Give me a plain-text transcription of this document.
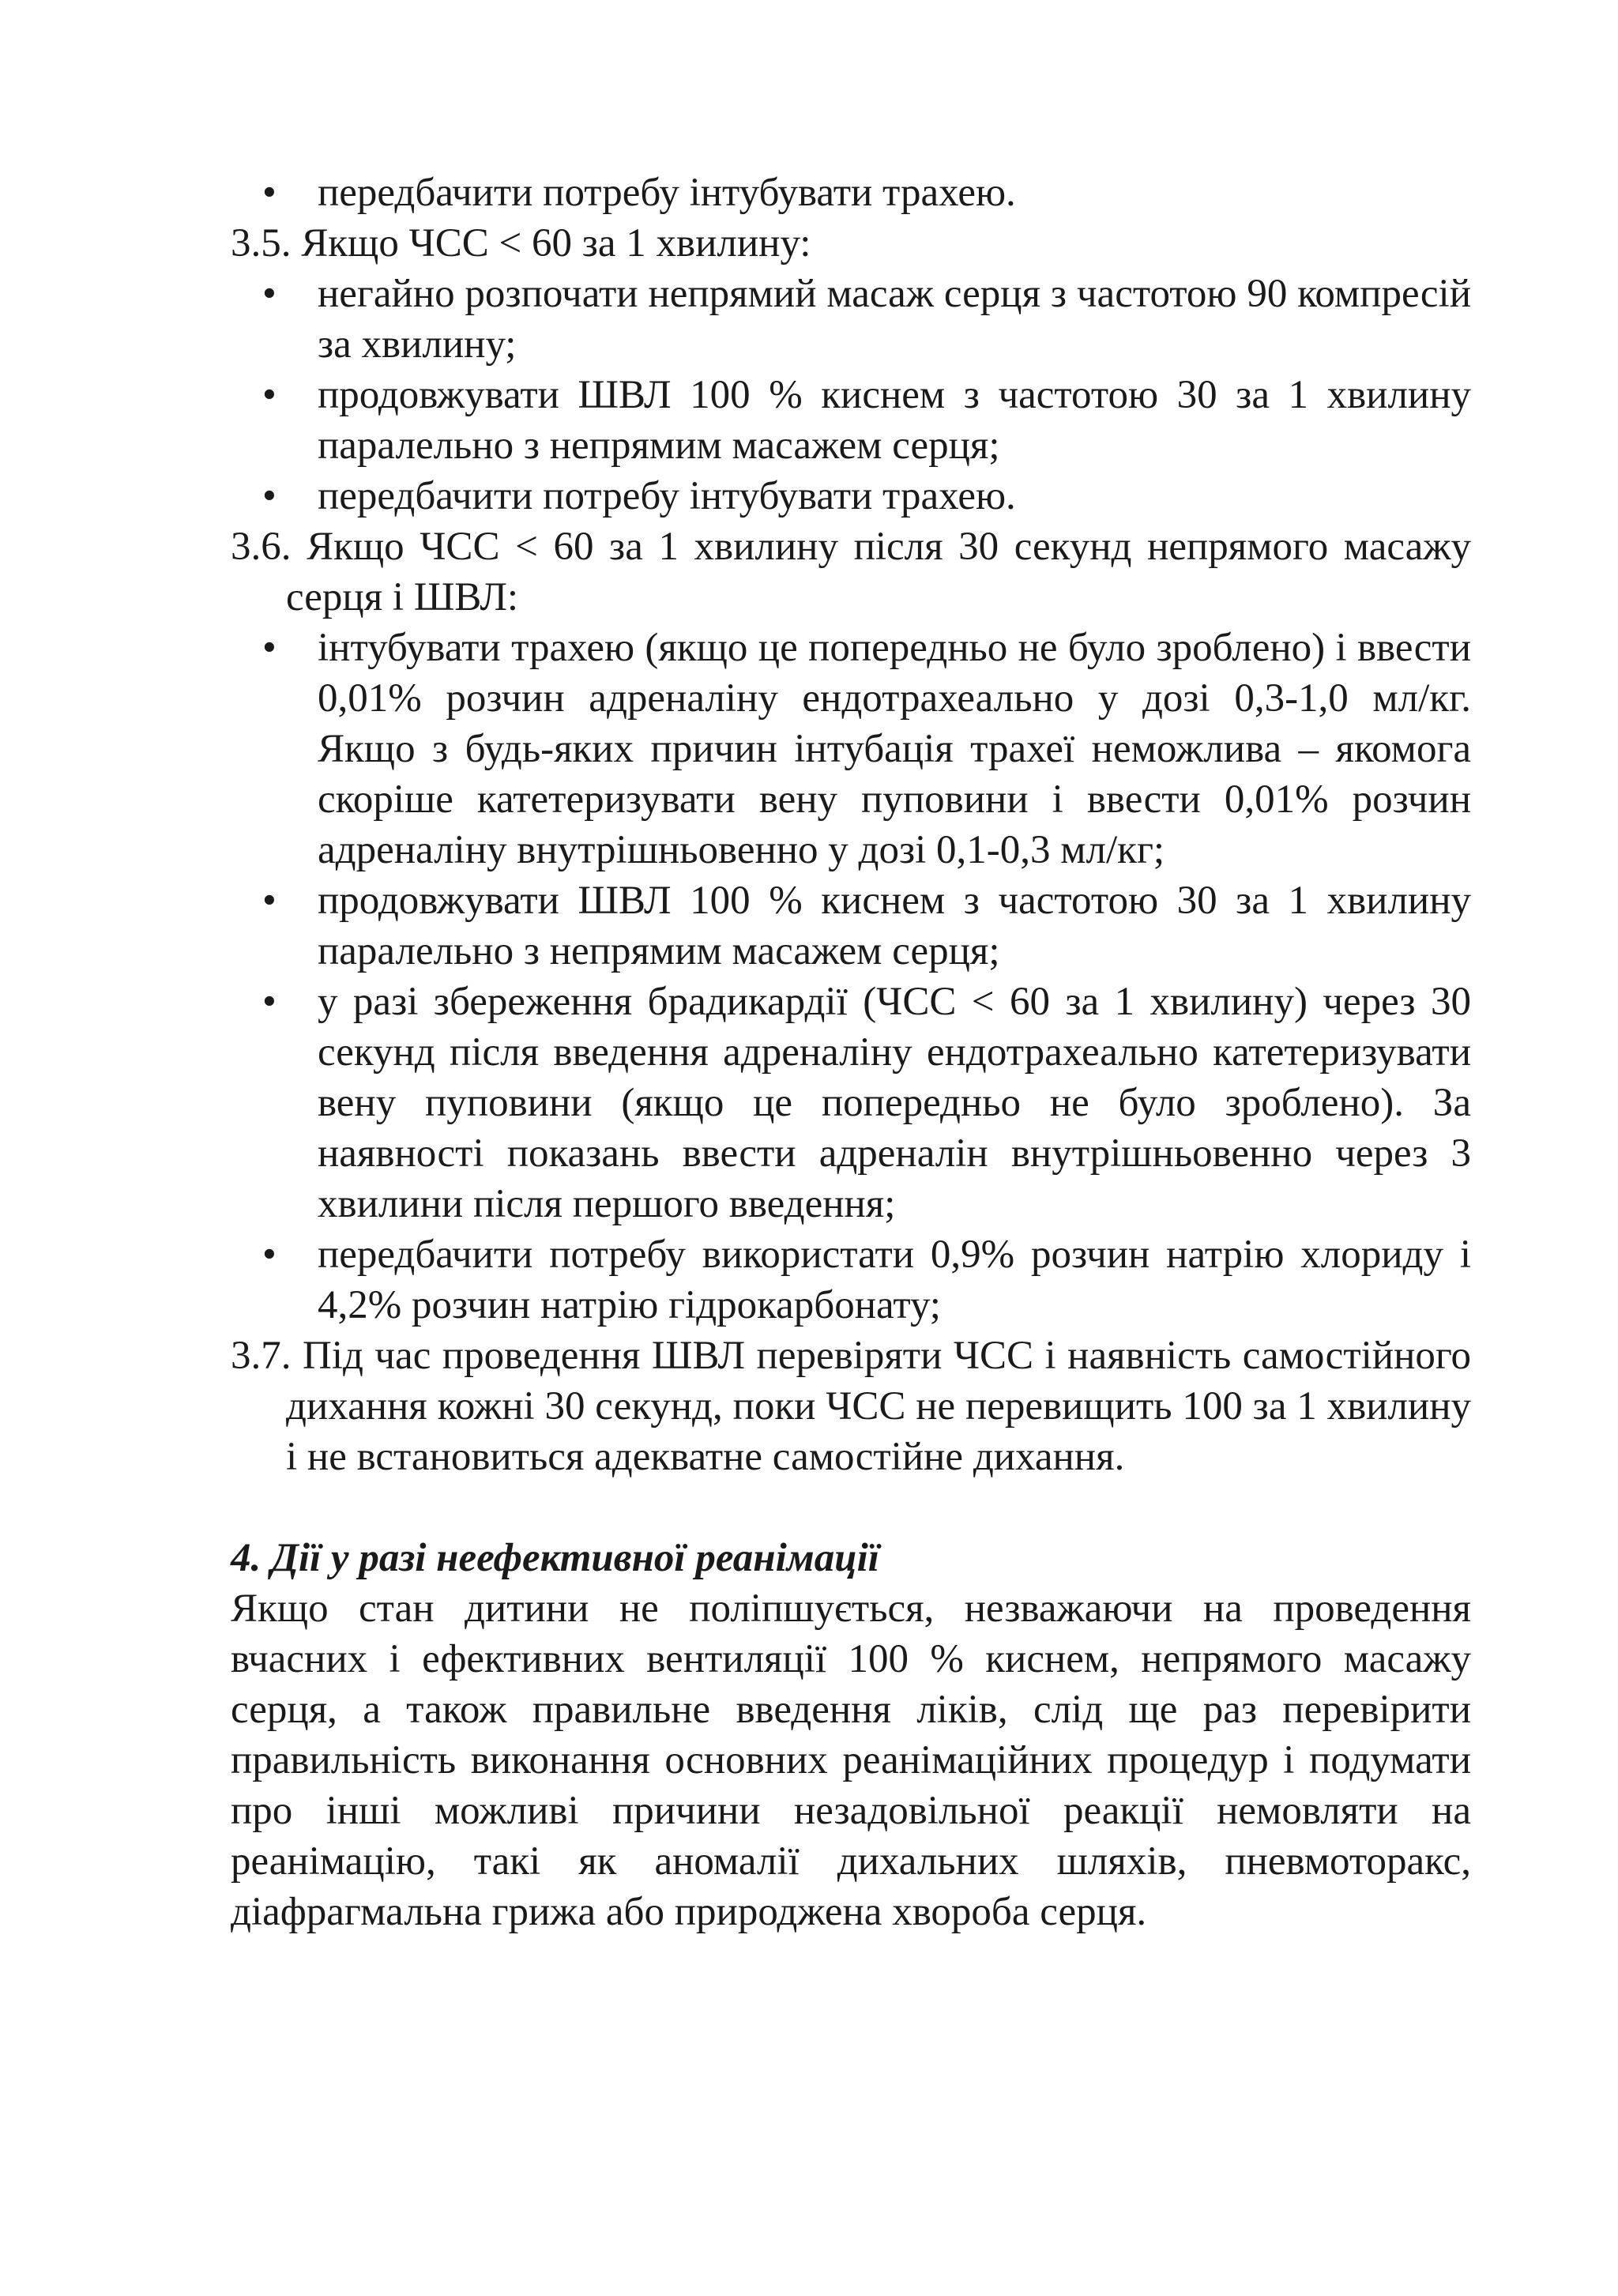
• передбачити потребу інтубувати трахею.
3.5. Якщо ЧСС < 60 за 1 хвилину:
• негайно розпочати непрямий масаж серця з частотою 90 компресій за хвилину;
• продовжувати ШВЛ 100 % киснем з частотою 30 за 1 хвилину паралельно з непрямим масажем серця;
• передбачити потребу інтубувати трахею.
3.6. Якщо ЧСС < 60 за 1 хвилину після 30 секунд непрямого масажу серця і ШВЛ:
• інтубувати трахею (якщо це попередньо не було зроблено) і ввести 0,01% розчин адреналіну ендотрахеально у дозі 0,3-1,0 мл/кг. Якщо з будь-яких причин інтубація трахеї неможлива – якомога скоріше катетеризувати вену пуповини і ввести 0,01% розчин адреналіну внутрішньовенно у дозі 0,1-0,3 мл/кг;
• продовжувати ШВЛ 100 % киснем з частотою 30 за 1 хвилину паралельно з непрямим масажем серця;
• у разі збереження брадикардії (ЧСС < 60 за 1 хвилину) через 30 секунд після введення адреналіну ендотрахеально катетеризувати вену пуповини (якщо це попередньо не було зроблено). За наявності показань ввести адреналін внутрішньовенно через 3 хвилини після першого введення;
• передбачити потребу використати 0,9% розчин натрію хлориду і 4,2% розчин натрію гідрокарбонату;
3.7. Під час проведення ШВЛ перевіряти ЧСС і наявність самостійного дихання кожні 30 секунд, поки ЧСС не перевищить 100 за 1 хвилину і не встановиться адекватне самостійне дихання.
4. Дії у разі неефективної реанімації
Якщо стан дитини не поліпшується, незважаючи на проведення вчасних і ефективних вентиляції 100 % киснем, непрямого масажу серця, а також правильне введення ліків, слід ще раз перевірити правильність виконання основних реанімаційних процедур і подумати про інші можливі причини незадовільної реакції немовляти на реанімацію, такі як аномалії дихальних шляхів, пневмоторакс, діафрагмальна грижа або природжена хвороба серця.
